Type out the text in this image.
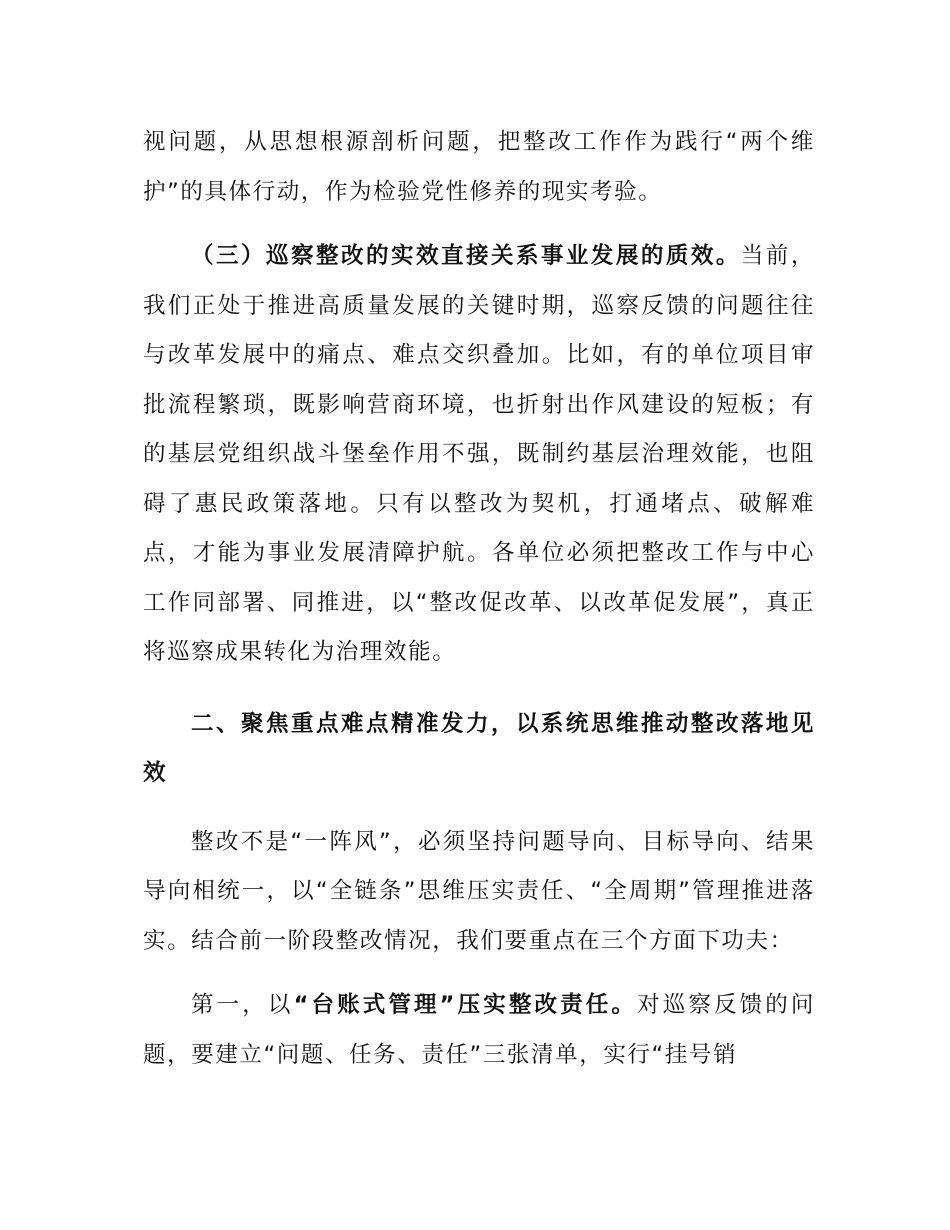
视问题，从思想根源剖析问题，把整改工作作为践行“两个维护”的具体行动，作为检验党性修养的现实考验。

（三）巡察整改的实效直接关系事业发展的质效。当前，我们正处于推进高质量发展的关键时期，巡察反馈的问题往往与改革发展中的痛点、难点交织叠加。比如，有的单位项目审批流程繁琐，既影响营商环境，也折射出作风建设的短板；有的基层党组织战斗堡垒作用不强，既制约基层治理效能，也阻碍了惠民政策落地。只有以整改为契机，打通堵点、破解难点，才能为事业发展清障护航。各单位必须把整改工作与中心工作同部署、同推进，以“整改促改革、以改革促发展”，真正将巡察成果转化为治理效能。

二、聚焦重点难点精准发力，以系统思维推动整改落地见效

整改不是“一阵风”，必须坚持问题导向、目标导向、结果导向相统一，以“全链条”思维压实责任、“全周期”管理推进落实。结合前一阶段整改情况，我们要重点在三个方面下功夫：

第一，以“台账式管理”压实整改责任。对巡察反馈的问题，要建立“问题、任务、责任”三张清单，实行“挂号销
